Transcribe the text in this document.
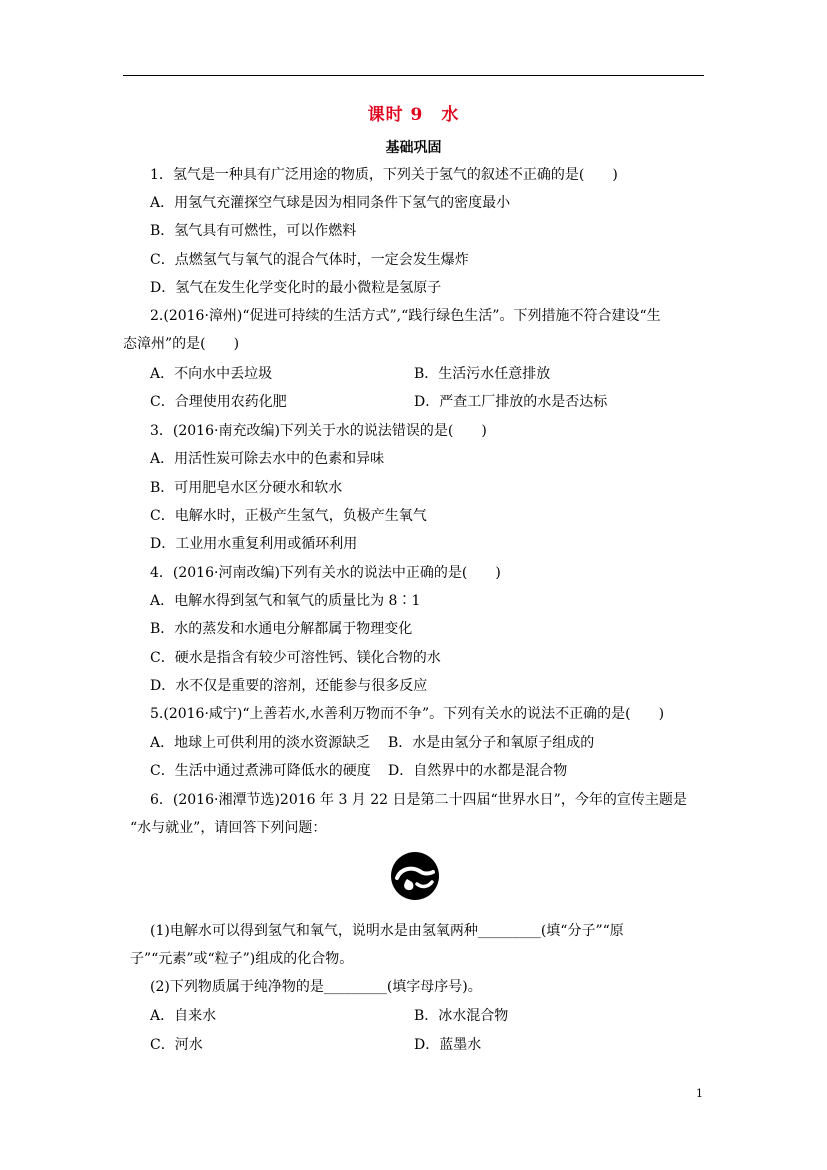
课时 9　水
基础巩固
1．氢气是一种具有广泛用途的物质，下列关于氢气的叙述不正确的是(　　)
A．用氢气充灌探空气球是因为相同条件下氢气的密度最小
B．氢气具有可燃性，可以作燃料
C．点燃氢气与氧气的混合气体时，一定会发生爆炸
D．氢气在发生化学变化时的最小微粒是氢原子
2.(2016·漳州)“促进可持续的生活方式”,“践行绿色生活”。下列措施不符合建设“生
态漳州”的是(　　)
A．不向水中丢垃圾	B．生活污水任意排放
C．合理使用农药化肥	D．严查工厂排放的水是否达标
3．(2016·南充改编)下列关于水的说法错误的是(　　)
A．用活性炭可除去水中的色素和异味
B．可用肥皂水区分硬水和软水
C．电解水时，正极产生氢气，负极产生氧气
D．工业用水重复利用或循环利用
4．(2016·河南改编)下列有关水的说法中正确的是(　　)
A．电解水得到氢气和氧气的质量比为 8∶1
B．水的蒸发和水通电分解都属于物理变化
C．硬水是指含有较少可溶性钙、镁化合物的水
D．水不仅是重要的溶剂，还能参与很多反应
5.(2016·咸宁)“上善若水,水善利万物而不争”。下列有关水的说法不正确的是(　　)
A．地球上可供利用的淡水资源缺乏 B．水是由氢分子和氧原子组成的
C．生活中通过煮沸可降低水的硬度 D．自然界中的水都是混合物
6．(2016·湘潭节选)2016 年 3 月 22 日是第二十四届“世界水日”，今年的宣传主题是
“水与就业”，请回答下列问题：
(1)电解水可以得到氢气和氧气，说明水是由氢氧两种_________(填“分子”“原
子”“元素”或“粒子”)组成的化合物。
(2)下列物质属于纯净物的是_________(填字母序号)。
A．自来水	B．冰水混合物
C．河水	D．蓝墨水
1
